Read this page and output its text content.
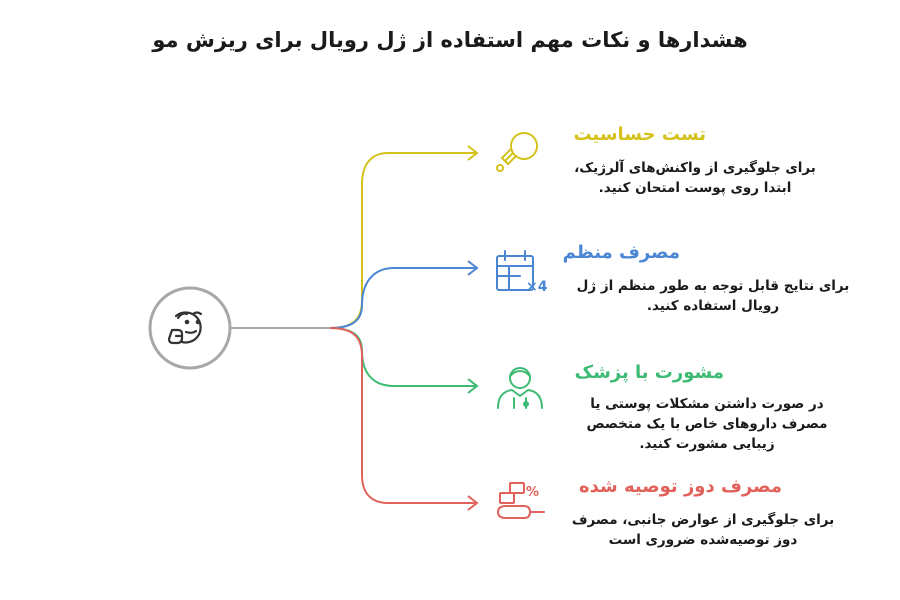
×4
%
هشدارها و نکات مهم استفاده از ژل رویال برای ریزش مو
تست حساسیت
برای جلوگیری از واکنش‌های آلرژیک،
ابتدا روی پوست امتحان کنید.
مصرف منظم
برای نتایج قابل توجه به طور منظم از ژل
رویال استفاده کنید.
مشورت با پزشک
در صورت داشتن مشکلات پوستی یا
مصرف داروهای خاص با یک متخصص
زیبایی مشورت کنید.
مصرف دوز توصیه شده
برای جلوگیری از عوارض جانبی، مصرف
دوز توصیه‌شده ضروری است
